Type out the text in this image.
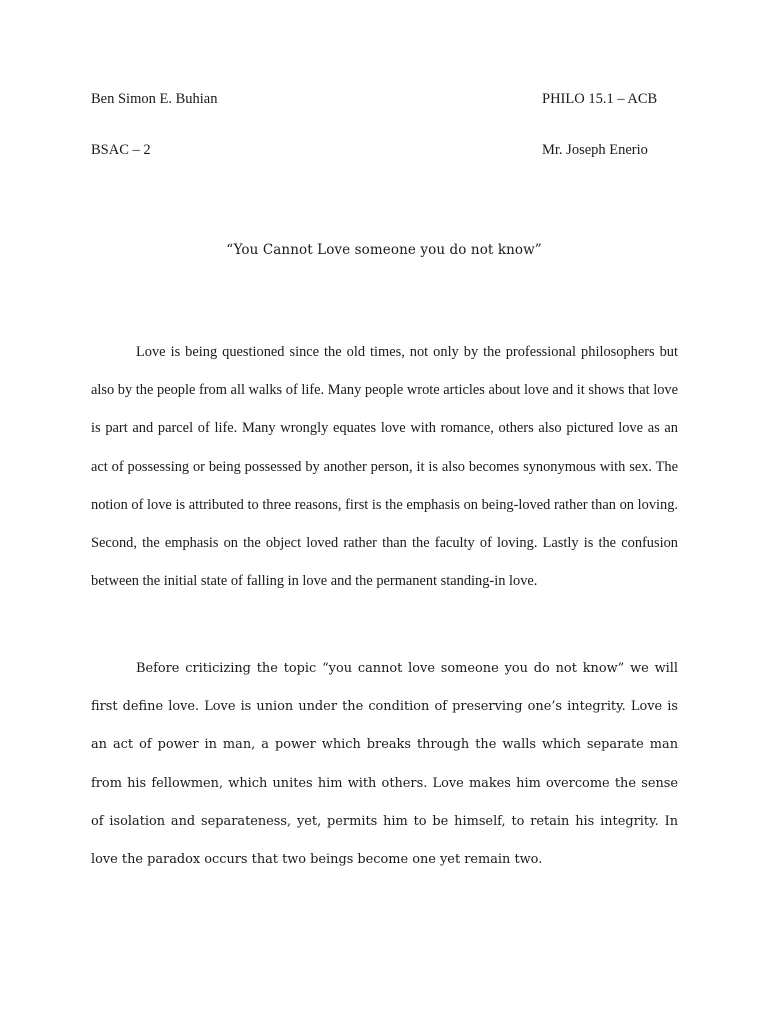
Ben Simon E. Buhian	PHILO 15.1 – ACB
BSAC – 2	Mr. Joseph Enerio
“You Cannot Love someone you do not know”

Love is being questioned since the old times, not only by the professional philosophers but also by the people from all walks of life. Many people wrote articles about love and it shows that love is part and parcel of life. Many wrongly equates love with romance, others also pictured love as an act of possessing or being possessed by another person, it is also becomes synonymous with sex. The notion of love is attributed to three reasons, first is the emphasis on being-loved rather than on loving. Second, the emphasis on the object loved rather than the faculty of loving. Lastly is the confusion between the initial state of falling in love and the permanent standing-in love.

Before criticizing the topic “you cannot love someone you do not know” we will first define love. Love is union under the condition of preserving one’s integrity. Love is an act of power in man, a power which breaks through the walls which separate man from his fellowmen, which unites him with others. Love makes him overcome the sense of isolation and separateness, yet, permits him to be himself, to retain his integrity. In love the paradox occurs that two beings become one yet remain two.
